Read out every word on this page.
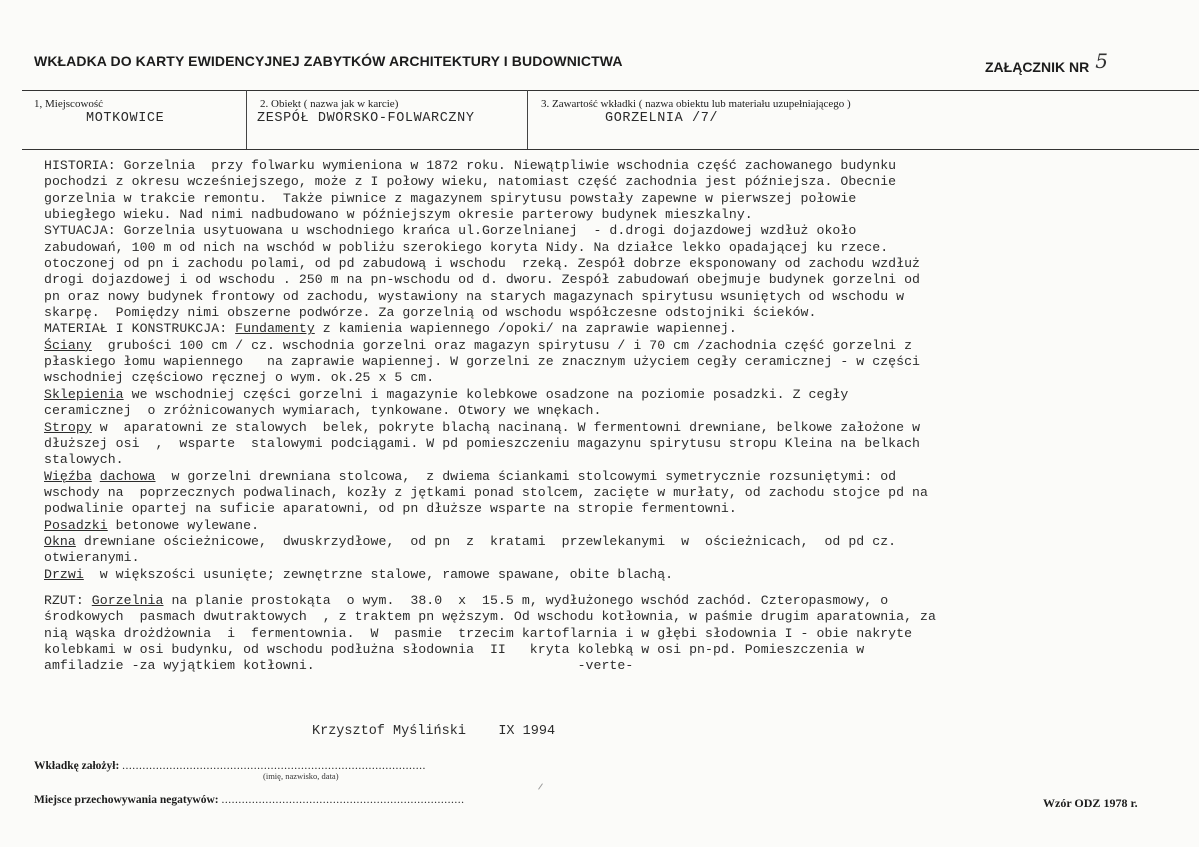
WKŁADKA DO KARTY EWIDENCYJNEJ ZABYTKÓW ARCHITEKTURY I BUDOWNICTWA	ZAŁĄCZNIK NR 5
1, Miejscowość
MOTKOWICE
2. Obiekt ( nazwa jak w karcie)
ZESPÓŁ DWORSKO-FOLWARCZNY
3. Zawartość wkładki ( nazwa obiektu lub materiału uzupełniającego )
GORZELNIA /7/
HISTORIA: Gorzelnia  przy folwarku wymieniona w 1872 roku. Niewątpliwie wschodnia część zachowanego budynku
pochodzi z okresu wcześniejszego, może z I połowy wieku, natomiast część zachodnia jest późniejsza. Obecnie
gorzelnia w trakcie remontu.  Także piwnice z magazynem spirytusu powstały zapewne w pierwszej połowie
ubiegłego wieku. Nad nimi nadbudowano w późniejszym okresie parterowy budynek mieszkalny.
SYTUACJA: Gorzelnia usytuowana u wschodniego krańca ul.Gorzelnianej  - d.drogi dojazdowej wzdłuż około
zabudowań, 100 m od nich na wschód w pobliżu szerokiego koryta Nidy. Na działce lekko opadającej ku rzece.
otoczonej od pn i zachodu polami, od pd zabudową i wschodu  rzeką. Zespół dobrze eksponowany od zachodu wzdłuż
drogi dojazdowej i od wschodu . 250 m na pn-wschodu od d. dworu. Zespół zabudowań obejmuje budynek gorzelni od
pn oraz nowy budynek frontowy od zachodu, wystawiony na starych magazynach spirytusu wsuniętych od wschodu w
skarpę.  Pomiędzy nimi obszerne podwórze. Za gorzelnią od wschodu współczesne odstojniki ścieków.
MATERIAŁ I KONSTRUKCJA: Fundamenty z kamienia wapiennego /opoki/ na zaprawie wapiennej.
Ściany  grubości 100 cm / cz. wschodnia gorzelni oraz magazyn spirytusu / i 70 cm /zachodnia część gorzelni z
płaskiego łomu wapiennego   na zaprawie wapiennej. W gorzelni ze znacznym użyciem cegły ceramicznej - w części
wschodniej częściowo ręcznej o wym. ok.25 x 5 cm.
Sklepienia we wschodniej części gorzelni i magazynie kolebkowe osadzone na poziomie posadzki. Z cegły
ceramicznej  o zróżnicowanych wymiarach, tynkowane. Otwory we wnękach.
Stropy w  aparatowni ze stalowych  belek, pokryte blachą nacinaną. W fermentowni drewniane, belkowe założone w
dłuższej osi  ,  wsparte  stalowymi podciągami. W pd pomieszczeniu magazynu spirytusu stropu Kleina na belkach
stalowych.
Więźba dachowa  w gorzelni drewniana stolcowa,  z dwiema ściankami stolcowymi symetrycznie rozsuniętymi: od
wschody na  poprzecznych podwalinach, kozły z jętkami ponad stolcem, zacięte w murłaty, od zachodu stojce pd na
podwalinie opartej na suficie aparatowni, od pn dłuższe wsparte na stropie fermentowni.
Posadzki betonowe wylewane.
Okna drewniane ościeżnicowe,  dwuskrzydłowe,  od pn  z  kratami  przewlekanymi  w  ościeżnicach,  od pd cz.
otwieranymi.
Drzwi  w większości usunięte; zewnętrzne stalowe, ramowe spawane, obite blachą.
RZUT: Gorzelnia na planie prostokąta  o wym.  38.0  x  15.5 m, wydłużonego wschód zachód. Czteropasmowy, o
środkowych  pasmach dwutraktowych  , z traktem pn węższym. Od wschodu kotłownia, w paśmie drugim aparatownia, za
nią wąska drożdżownia  i  fermentownia.  W  pasmie  trzecim kartoflarnia i w głębi słodownia I - obie nakryte
kolebkami w osi budynku, od wschodu podłużna słodownia  II   kryta kolebką w osi pn-pd. Pomieszczenia w
amfiladzie -za wyjątkiem kotłowni.                                 -verte-
Krzysztof Myśliński    IX 1994
Wkładkę założył: ..........................................................................................
(imię, nazwisko, data)
Miejsce przechowywania negatywów: ........................................................................	Wzór ODZ 1978 r.
